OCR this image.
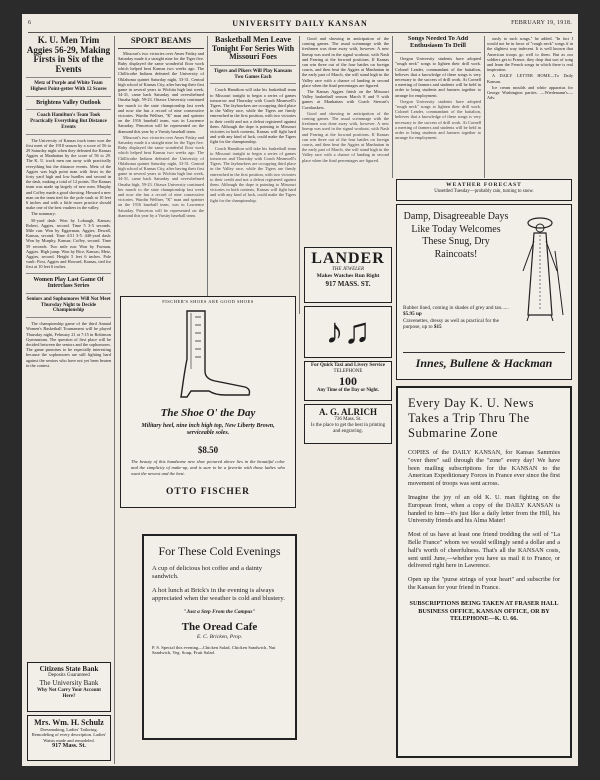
6	UNIVERSITY DAILY KANSAN	FEBRUARY 19, 1918.
K. U. Men Trim Aggies 56-29, Making Firsts in Six of the Events
Metz of Purple and White Team Highest Point-getter With 12 Scores
Brightens Valley Outlook
Coach Hamilton's Team Took Practically Everything But Distance Events

The University of Kansas track team won the first meet of the 1918 season by a score of 56 to 29 Saturday night when they defeated the Kansas Aggies at Manhattan by the score of 56 to 29. The K. U. track men ran away with practically everything but the distance events. Metz of the Aggies was high point man with firsts in the forty yard high and low hurdles and second in the dash, making a total of 12 points. The Kansas team was made up largely of new men. Murphy and Coffey made a good showing. Howard a new man on the team tied for the pole vault at 10 feet 6 inches and with a little more practice should make one of the best vaulters in the valley.

The summary:

50-yard dash: Won by Lobaugh, Kansas; Robert, Aggies, second. Time 5 3-5 seconds. Mile run: Won by Eggerman, Aggies; Dewall, Kansas, second. Time 4:51 3-5. 440-yard dash: Won by Murphy, Kansas; Coffey, second. Time 59 seconds. Two mile run: Won by Forman, Aggies. High jump: Won by Rice, Kansas; Metz, Aggies, second. Height 5 feet 6 inches. Pole vault: First, Aggies and Howard, Kansas, tied for first at 10 feet 6 inches.

Women Play Last Game Of Interclass Series
Seniors and Sophomores Will Not Meet Thursday Night to Decide Championship

The championship game of the third Annual Women's Basketball Tournament will be played Thursday night, February 21 at 7:15 in Robinson Gymnasium. The question of first place will be decided between the seniors and the sophomores. The game promises to be especially interesting because the sophomores are still fighting hard against the seniors who have not yet been beaten in the contest.

Citizens State Bank
Deposits Guaranteed
The University Bank
Why Not Carry Your Account Here?
Mrs. Wm. H. Schulz
Dressmaking, Ladies' Tailoring. Remodeling of every description. Ladies' Waists made and remodeled.
917 Mass. St.
SPORT BEAMS

Missouri's two victories over Ames Friday and Saturday made it a straight nine for the Tiger five. Ruby displayed the same wonderful floor work which helped beat Kansas two weeks ago. The Chillicothe Indians defeated the University of Oklahoma quintet Saturday night, 33-31. Central high school of Kansas City, after having their first game in several years to Wichita high last week, 34-31, came back Saturday and overwhelmed Omaha high, 59-23. Ottawa University continued her march to the state championship last week and now she has a record of nine consecutive victories. Wardin Wellner, "K" man and sprinter on the 1916 baseball team, was in Lawrence Saturday. Princeton will be represented on the diamond this year by a Varsity baseball team.

Missouri's two victories over Ames Friday and Saturday made it a straight nine for the Tiger five. Ruby displayed the same wonderful floor work which helped beat Kansas two weeks ago. The Chillicothe Indians defeated the University of Oklahoma quintet Saturday night, 33-31. Central high school of Kansas City, after having their first game in several years to Wichita high last week, 34-31, came back Saturday and overwhelmed Omaha high, 59-23. Ottawa University continued her march to the state championship last week and now she has a record of nine consecutive victories. Wardin Wellner, "K" man and sprinter on the 1916 baseball team, was in Lawrence Saturday. Princeton will be represented on the diamond this year by a Varsity baseball team.

Basketball Men Leave Tonight For Series With Missouri Foes
Tigers and Pikers Will Play Kansans Two Games Each

Coach Hamilton will take his basketball team to Missouri tonight to begin a series of games tomorrow and Thursday with Coach Meanwell's Tigers. The Jayhawkers are occupying third place in the Valley race, while the Tigers are firmly entrenched in the first position, with two victories to their credit and not a defeat registered against them. Although the dope is pointing to Missouri victories in both contests, Kansas will fight hard and with any kind of luck, could make the Tigers fight for the championship.

Coach Hamilton will take his basketball team to Missouri tonight to begin a series of games tomorrow and Thursday with Coach Meanwell's Tigers. The Jayhawkers are occupying third place in the Valley race, while the Tigers are firmly entrenched in the first position, with two victories to their credit and not a defeat registered against them. Although the dope is pointing to Missouri victories in both contests, Kansas will fight hard and with any kind of luck, could make the Tigers fight for the championship.

Good and showing in anticipation of the coming games. The usual scrimmage with the freshmen was done away with, however. A new lineup was used in the signal workout, with Nash and Fearing at the forward positions. If Kansas can win three out of the four battles on foreign courts, and then beat the Aggies at Manhattan in the early part of March, she will stand high in the Valley race with a chance of landing in second place when the final percentages are figured.

The Kansas Aggies finish on the Missouri Valley basketball season March 8 and 9 with games at Manhattan with Coach Stewart's Cornhuskers.

Good and showing in anticipation of the coming games. The usual scrimmage with the freshmen was done away with, however. A new lineup was used in the signal workout, with Nash and Fearing at the forward positions. If Kansas can win three out of the four battles on foreign courts, and then beat the Aggies at Manhattan in the early part of March, she will stand high in the Valley race with a chance of landing in second place when the final percentages are figured.

Songs Needed To Add Enthusiasm To Drill

Oregon University students have adopted "rough neck" songs to lighten their drill work. Colonel Leader, commandant of the battalion, believes that a knowledge of these songs is very necessary to the success of drill work. At Cornell a meeting of farmers and students will be held in order to bring students and farmers together to arrange for employment.

Oregon University students have adopted "rough neck" songs to lighten their drill work. Colonel Leader, commandant of the battalion, believes that a knowledge of these songs is very necessary to the success of drill work. At Cornell a meeting of farmers and students will be held in order to bring students and farmers together to arrange for employment.

ously to such songs," he added. "In fact I would not be in favor of "rough neck" songs if in the slightest way indecent. It is well known that American troops go well to them. But as our soldiers get to France, they drop that sort of song and learn the French songs in which there is real inspiration.

A DAILY LETTER HOME—To Daily Kansan.

Ice cream moulds and white apparatus for George Washington parties. —Wiedemann's.—Adv.

WEATHER FORECAST
Unsettled Tuesday—probably rain, turning to snow.
Damp, Disagreeable Days Like Today Welcomes These Snug, Dry Raincoats!
Rubber lined, coming in shades of grey and tan...... $5.95 up
Cravenettes, dressy as well as practical for the purpose, up to $15
Innes, Bullene & Hackman
FISCHER'S SHOES ARE GOOD SHOES
The Shoe O' the Day
Military heel, nine inch high top, New Liberty Brown, serviceable soles.
$8.50
The beauty of this handsome new shoe pictured above lies in the beautiful color and the simplicity of make-up, and is sure to be a favorite with those ladies who want the newest and the best.
OTTO FISCHER
LANDER
THE JEWELER
Makes Watches Run Right
917 MASS. ST.
♪♫
For Quick Taxi and Livery Service
TELEPHONE
100
Any Time of the Day or Night.
A. G. ALRICH
736 Mass. St.
Is the place to get the best in printing and engraving.
For These Cold Evenings
A cup of delicious hot coffee and a dainty sandwich.
A hot lunch at Brick's in the evening is always appreciated when the weather is cold and blustery.
"Just a Step From the Campus"
The Oread Cafe
E. C. Bricken, Prop.
P. S. Special this evening—Chicken Salad, Chicken Sandwich, Nut Sandwich, Veg. Soup, Fruit Salad.
Every Day K. U. News Takes a Trip Thru The Submarine Zone
COPIES of the DAILY KANSAN, for Kansas Sammies "over there" sail through the "zone" every day! We have been mailing subscriptions for the KANSAN to the American Expeditionary Forces in France ever since the first movement of troops was sent across.
Imagine the joy of an old K. U. man fighting on the European front, when a copy of the DAILY KANSAN is handed to him—it's just like a daily letter from the Hill, his University friends and his Alma Mater!
Most of us have at least one friend trodding the soil of "La Belle France" whom we would willingly send a dollar and a half's worth of cheerfulness. That's all the KANSAN costs, sent until June,—whether you have us mail it to France, or delivered right here in Lawrence.
Open up the "purse strings of your heart" and subscribe for the Kansan for your friend in France.
SUBSCRIPTIONS BEING TAKEN AT FRASER HALL BUSINESS OFFICE, KANSAN OFFICE, OR BY TELEPHONE—K. U. 66.
